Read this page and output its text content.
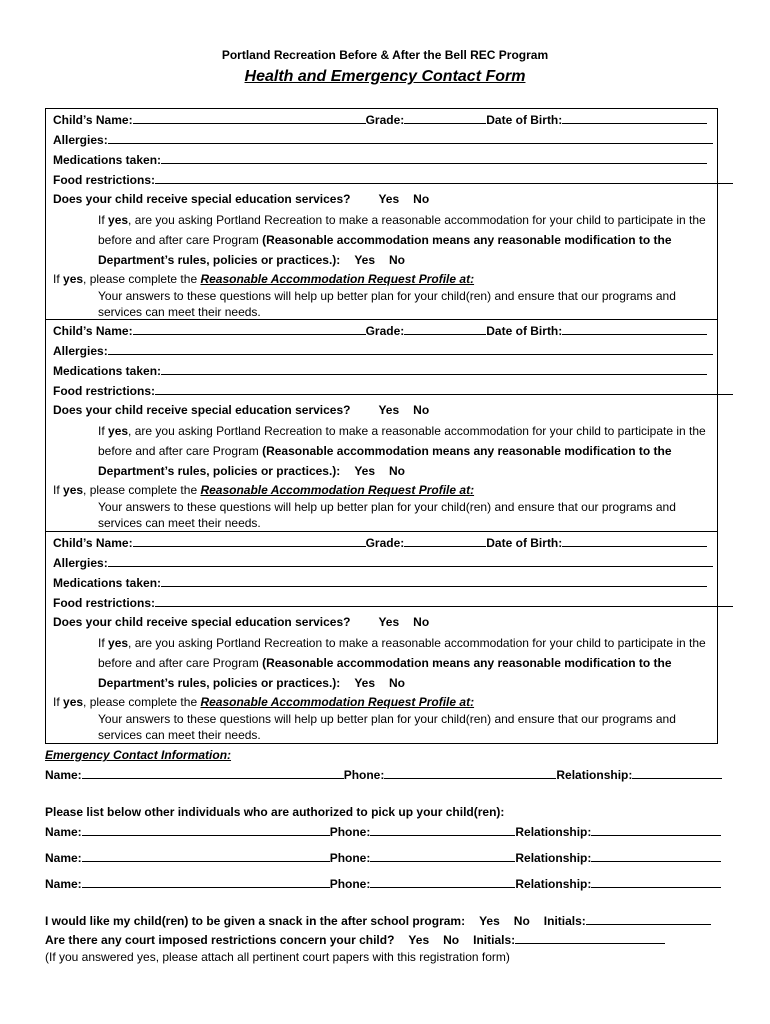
Portland Recreation Before & After the Bell REC Program
Health and Emergency Contact Form
Child’s Name:	Grade:	Date of Birth:
Allergies:
Medications taken:
Food restrictions:
Does your child receive special education services? Yes No
If yes, are you asking Portland Recreation to make a reasonable accommodation for your child to participate in the before and after care Program (Reasonable accommodation means any reasonable modification to the Department’s rules, policies or practices.): Yes No
If yes, please complete the Reasonable Accommodation Request Profile at:
Your answers to these questions will help up better plan for your child(ren) and ensure that our programs and services can meet their needs.
Child’s Name:	Grade:	Date of Birth:
Allergies:
Medications taken:
Food restrictions:
Does your child receive special education services? Yes No
If yes, are you asking Portland Recreation to make a reasonable accommodation for your child to participate in the before and after care Program (Reasonable accommodation means any reasonable modification to the Department’s rules, policies or practices.): Yes No
If yes, please complete the Reasonable Accommodation Request Profile at:
Your answers to these questions will help up better plan for your child(ren) and ensure that our programs and services can meet their needs.
Child’s Name:	Grade:	Date of Birth:
Allergies:
Medications taken:
Food restrictions:
Does your child receive special education services? Yes No
If yes, are you asking Portland Recreation to make a reasonable accommodation for your child to participate in the before and after care Program (Reasonable accommodation means any reasonable modification to the Department’s rules, policies or practices.): Yes No
If yes, please complete the Reasonable Accommodation Request Profile at:
Your answers to these questions will help up better plan for your child(ren) and ensure that our programs and services can meet their needs.
Emergency Contact Information:
Name:	Phone:	Relationship:
Please list below other individuals who are authorized to pick up your child(ren):
Name:	Phone:	Relationship:
Name:	Phone:	Relationship:
Name:	Phone:	Relationship:
I would like my child(ren) to be given a snack in the after school program: Yes No Initials:
Are there any court imposed restrictions concern your child? Yes No Initials:
(If you answered yes, please attach all pertinent court papers with this registration form)
